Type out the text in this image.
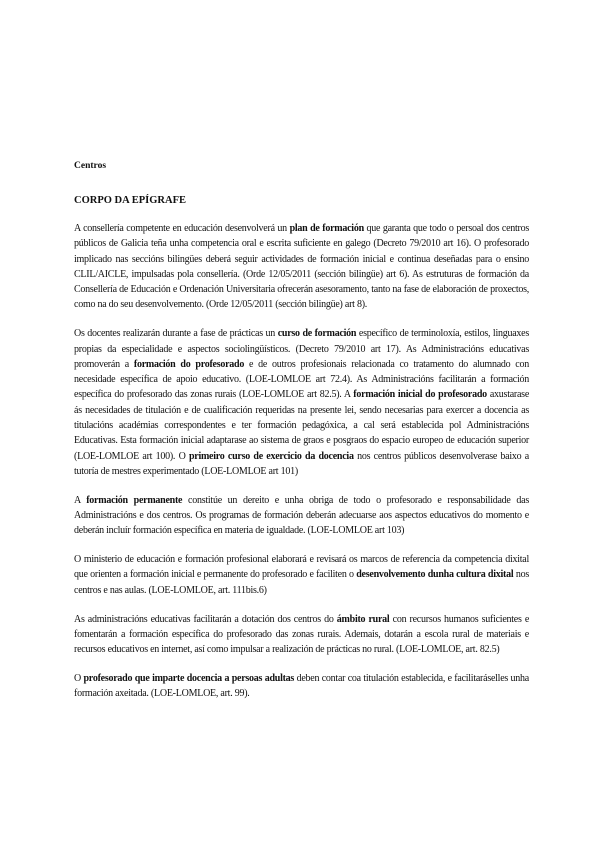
Centros
CORPO DA EPÍGRAFE

A consellería competente en educación desenvolverá un plan de formación que garanta que todo o persoal dos centros públicos de Galicia teña unha competencia oral e escrita suficiente en galego (Decreto 79/2010 art 16). O profesorado implicado nas seccións bilingües deberá seguir actividades de formación inicial e continua deseñadas para o ensino CLIL/AICLE, impulsadas pola consellería. (Orde 12/05/2011 (sección bilingüe) art 6). As estruturas de formación da Consellería de Educación e Ordenación Universitaria ofrecerán asesoramento, tanto na fase de elaboración de proxectos, como na do seu desenvolvemento. (Orde 12/05/2011 (sección bilingüe) art 8).

Os docentes realizarán durante a fase de prácticas un curso de formación específico de terminoloxía, estilos, linguaxes propias da especialidade e aspectos sociolingüísticos. (Decreto 79/2010 art 17). As Administracións educativas promoverán a formación do profesorado e de outros profesionais relacionada co tratamento do alumnado con necesidade específica de apoio educativo. (LOE-LOMLOE art 72.4). As Administracións facilitarán a formación específica do profesorado das zonas rurais (LOE-LOMLOE art 82.5). A formación inicial do profesorado axustarase ás necesidades de titulación e de cualificación requeridas na presente lei, sendo necesarias para exercer a docencia as titulacións académias correspondentes e ter formación pedagóxica, a cal será establecida pol Administracións Educativas. Esta formación inicial adaptarase ao sistema de graos e posgraos do espacio europeo de educación superior (LOE-LOMLOE art 100). O primeiro curso de exercicio da docencia nos centros públicos desenvolverase baixo a tutoría de mestres experimentado (LOE-LOMLOE art 101)

A formación permanente constitúe un dereito e unha obriga de todo o profesorado e responsabilidade das Administracións e dos centros. Os programas de formación deberán adecuarse aos aspectos educativos do momento e deberán incluír formación específica en materia de igualdade. (LOE-LOMLOE art 103)

O ministerio de educación e formación profesional elaborará e revisará os marcos de referencia da competencia dixital que orienten a formación inicial e permanente do profesorado e faciliten o desenvolvemento dunha cultura dixital nos centros e nas aulas. (LOE-LOMLOE, art. 111bis.6)

As administracións educativas facilitarán a dotación dos centros do ámbito rural con recursos humanos suficientes e fomentarán a formación específica do profesorado das zonas rurais. Ademais, dotarán a escola rural de materiais e recursos educativos en internet, así como impulsar a realización de prácticas no rural. (LOE-LOMLOE, art. 82.5)

O profesorado que imparte docencia a persoas adultas deben contar coa titulación establecida, e facilitaráselles unha formación axeitada. (LOE-LOMLOE, art. 99).
